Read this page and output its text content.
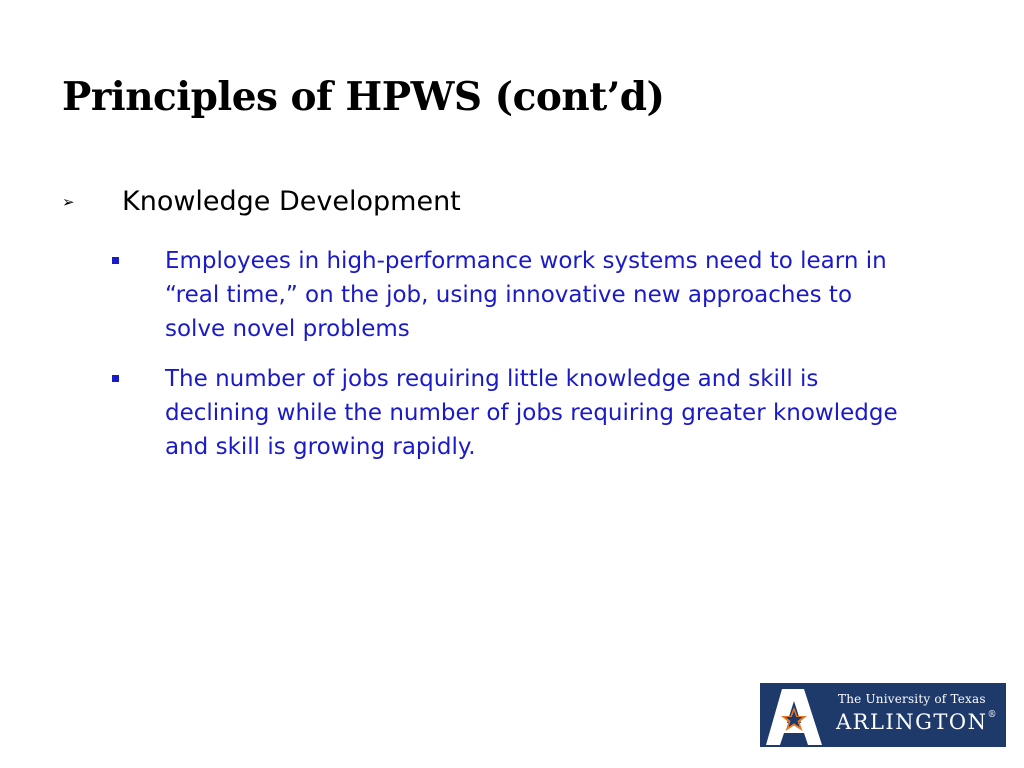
Principles of HPWS (cont’d)
➢ Knowledge Development
Employees in high-performance work systems need to learn in “real time,” on the job, using innovative new approaches to solve novel problems
The number of jobs requiring little knowledge and skill is declining while the number of jobs requiring greater knowledge and skill is growing rapidly.
The University of Texas
ARLINGTON®
